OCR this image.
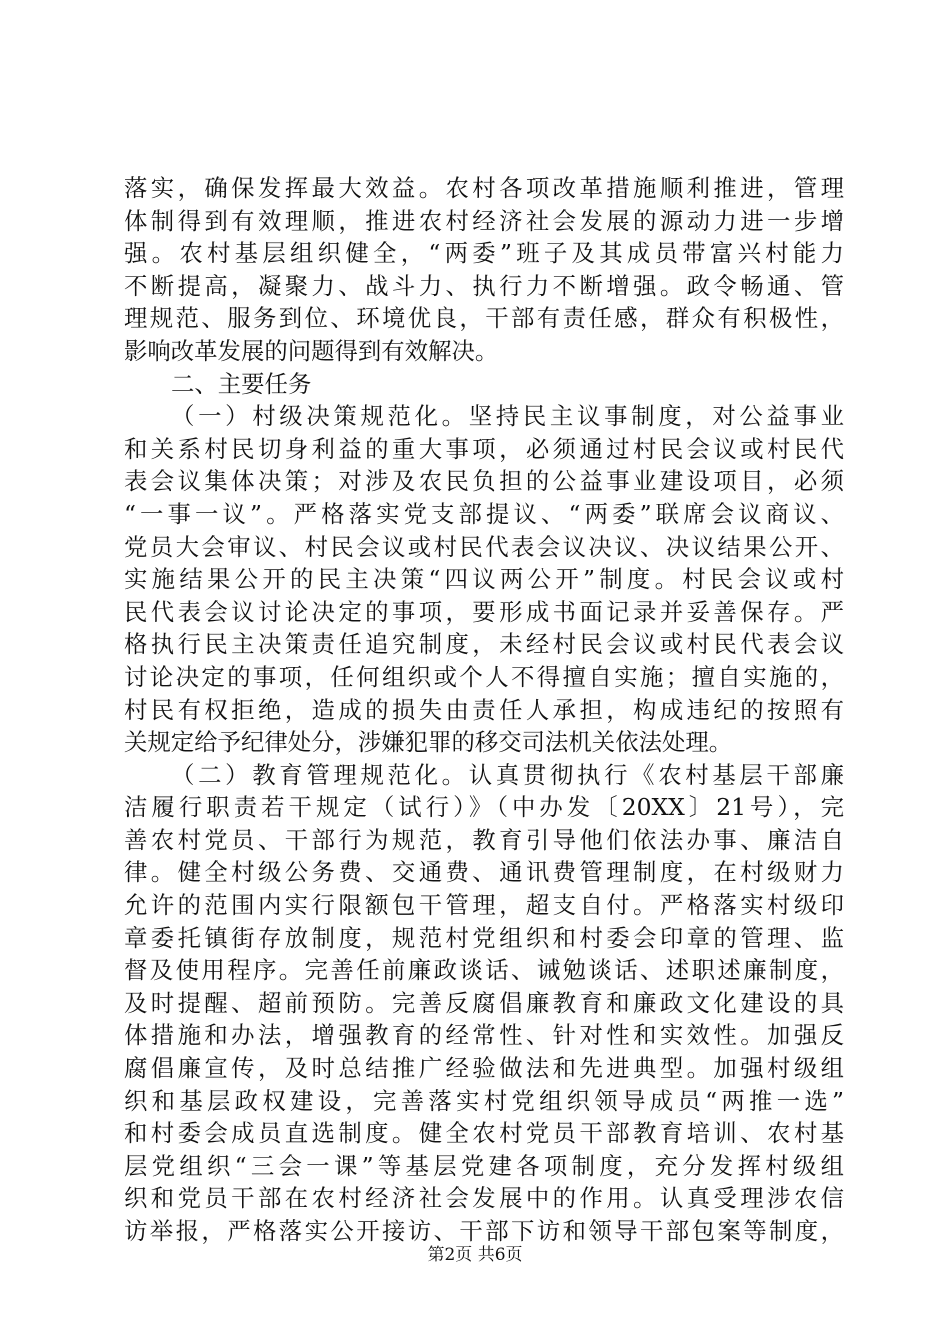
落实，确保发挥最大效益。农村各项改革措施顺利推进，管理
体制得到有效理顺，推进农村经济社会发展的源动力进一步增
强。农村基层组织健全，“两委”班子及其成员带富兴村能力
不断提高，凝聚力、战斗力、执行力不断增强。政令畅通、管
理规范、服务到位、环境优良，干部有责任感，群众有积极性，
影响改革发展的问题得到有效解决。
二、主要任务
（一）村级决策规范化。坚持民主议事制度，对公益事业
和关系村民切身利益的重大事项，必须通过村民会议或村民代
表会议集体决策；对涉及农民负担的公益事业建设项目，必须
“一事一议”。严格落实党支部提议、“两委”联席会议商议、
党员大会审议、村民会议或村民代表会议决议、决议结果公开、
实施结果公开的民主决策“四议两公开”制度。村民会议或村
民代表会议讨论决定的事项，要形成书面记录并妥善保存。严
格执行民主决策责任追究制度，未经村民会议或村民代表会议
讨论决定的事项，任何组织或个人不得擅自实施；擅自实施的，
村民有权拒绝，造成的损失由责任人承担，构成违纪的按照有
关规定给予纪律处分，涉嫌犯罪的移交司法机关依法处理。
（二）教育管理规范化。认真贯彻执行《农村基层干部廉
洁履行职责若干规定（试行）》（中办发〔20XX〕21号），完
善农村党员、干部行为规范，教育引导他们依法办事、廉洁自
律。健全村级公务费、交通费、通讯费管理制度，在村级财力
允许的范围内实行限额包干管理，超支自付。严格落实村级印
章委托镇街存放制度，规范村党组织和村委会印章的管理、监
督及使用程序。完善任前廉政谈话、诫勉谈话、述职述廉制度，
及时提醒、超前预防。完善反腐倡廉教育和廉政文化建设的具
体措施和办法，增强教育的经常性、针对性和实效性。加强反
腐倡廉宣传，及时总结推广经验做法和先进典型。加强村级组
织和基层政权建设，完善落实村党组织领导成员“两推一选”
和村委会成员直选制度。健全农村党员干部教育培训、农村基
层党组织“三会一课”等基层党建各项制度，充分发挥村级组
织和党员干部在农村经济社会发展中的作用。认真受理涉农信
访举报，严格落实公开接访、干部下访和领导干部包案等制度，
第2页 共6页
